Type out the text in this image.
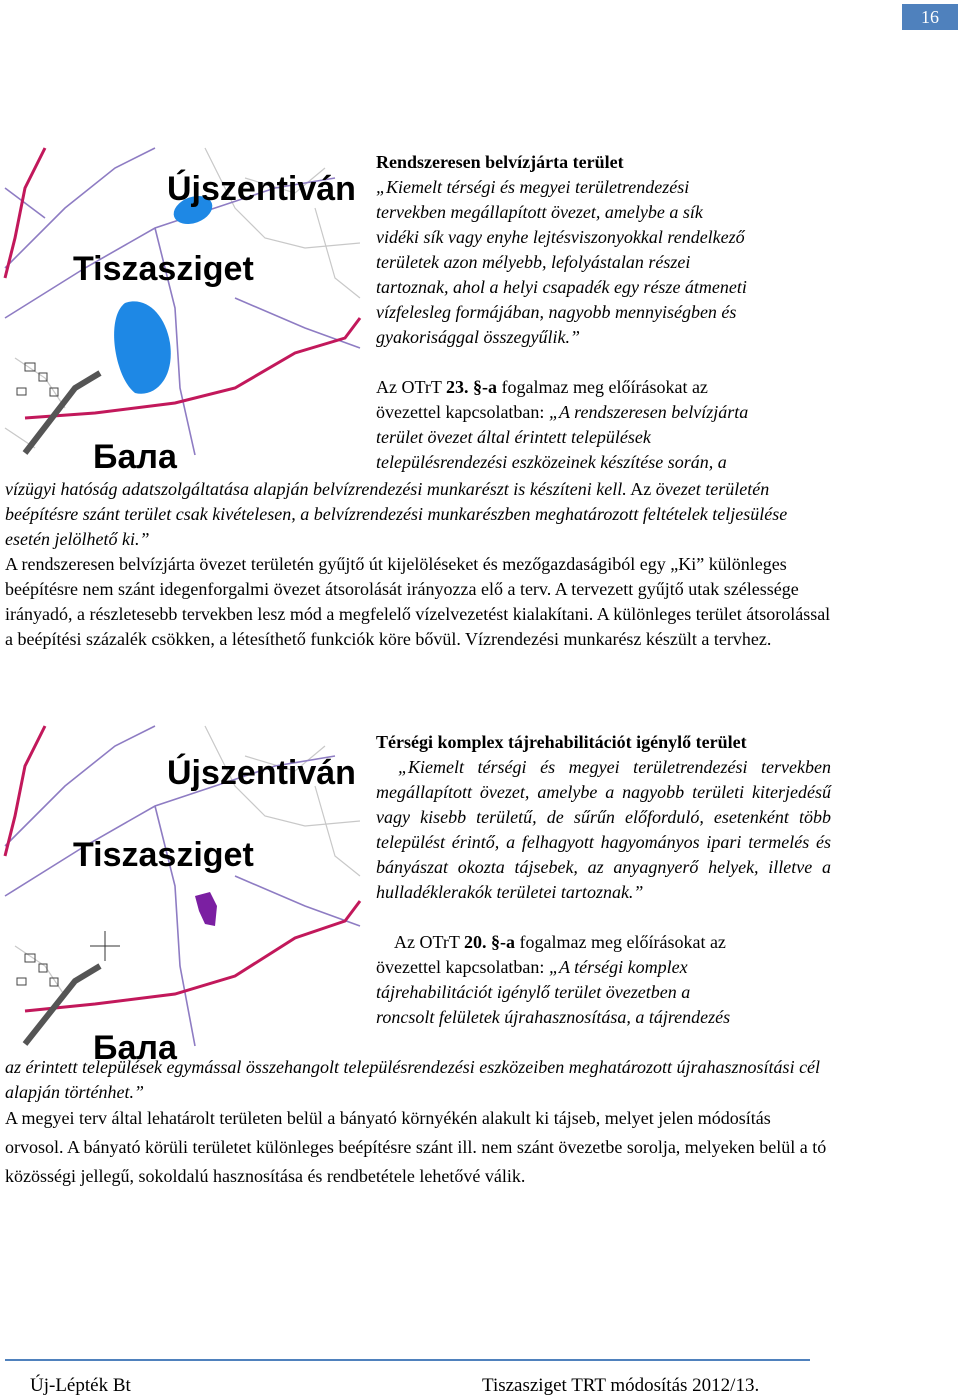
16
Újszentiván
Tiszasziget
Бала

Rendszeresen belvízjárta terület

„Kiemelt térségi és megyei területrendezési
tervekben megállapított övezet, amelybe a sík
vidéki sík vagy enyhe lejtésviszonyokkal rendelkező
területek azon mélyebb, lefolyástalan részei
tartoznak, ahol a helyi csapadék egy része átmeneti
vízfelesleg formájában, nagyobb mennyiségben és
gyakorisággal összegyűlik.”

Az OTrT 23. §-a fogalmaz meg előírásokat az
övezettel kapcsolatban: „A rendszeresen belvízjárta
terület övezet által érintett települések
településrendezési eszközeinek készítése során, a

vízügyi hatóság adatszolgáltatása alapján belvízrendezési munkarészt is készíteni kell. Az övezet területén beépítésre szánt terület csak kivételesen, a belvízrendezési munkarészben meghatározott feltételek teljesülése esetén jelölhető ki.”

A rendszeresen belvízjárta övezet területén gyűjtő út kijelöléseket és mezőgazdaságiból egy „Ki” különleges beépítésre nem szánt idegenforgalmi övezet átsorolását irányozza elő a terv. A tervezett gyűjtő utak szélessége irányadó, a részletesebb tervekben lesz mód a megfelelő vízelvezetést kialakítani. A különleges terület átsorolással a beépítési százalék csökken, a létesíthető funkciók köre bővül. Vízrendezési munkarész készült a tervhez.

Újszentiván
Tiszasziget
Бала

Térségi komplex tájrehabilitációt igénylő terület

„Kiemelt térségi és megyei területrendezési tervekben megállapított övezet, amelybe a nagyobb területi kiterjedésű vagy kisebb területű, de sűrűn előforduló, esetenként több települést érintő, a felhagyott hagyományos ipari termelés és bányászat okozta tájsebek, az anyagnyerő helyek, illetve a hulladéklerakók területei tartoznak.”

Az OTrT 20. §-a fogalmaz meg előírásokat az
övezettel kapcsolatban: „A térségi komplex
tájrehabilitációt igénylő terület övezetben a
roncsolt felületek újrahasznosítása, a tájrendezés

az érintett települések egymással összehangolt településrendezési eszközeiben meghatározott újrahasznosítási cél alapján történhet.”

A megyei terv által lehatárolt területen belül a bányató környékén alakult ki tájseb, melyet jelen módosítás orvosol. A bányató körüli területet különleges beépítésre szánt ill. nem szánt övezetbe sorolja, melyeken belül a tó közösségi jellegű, sokoldalú hasznosítása és rendbetétele lehetővé válik.

Új-Lépték Bt	Tiszasziget TRT módosítás 2012/13.
